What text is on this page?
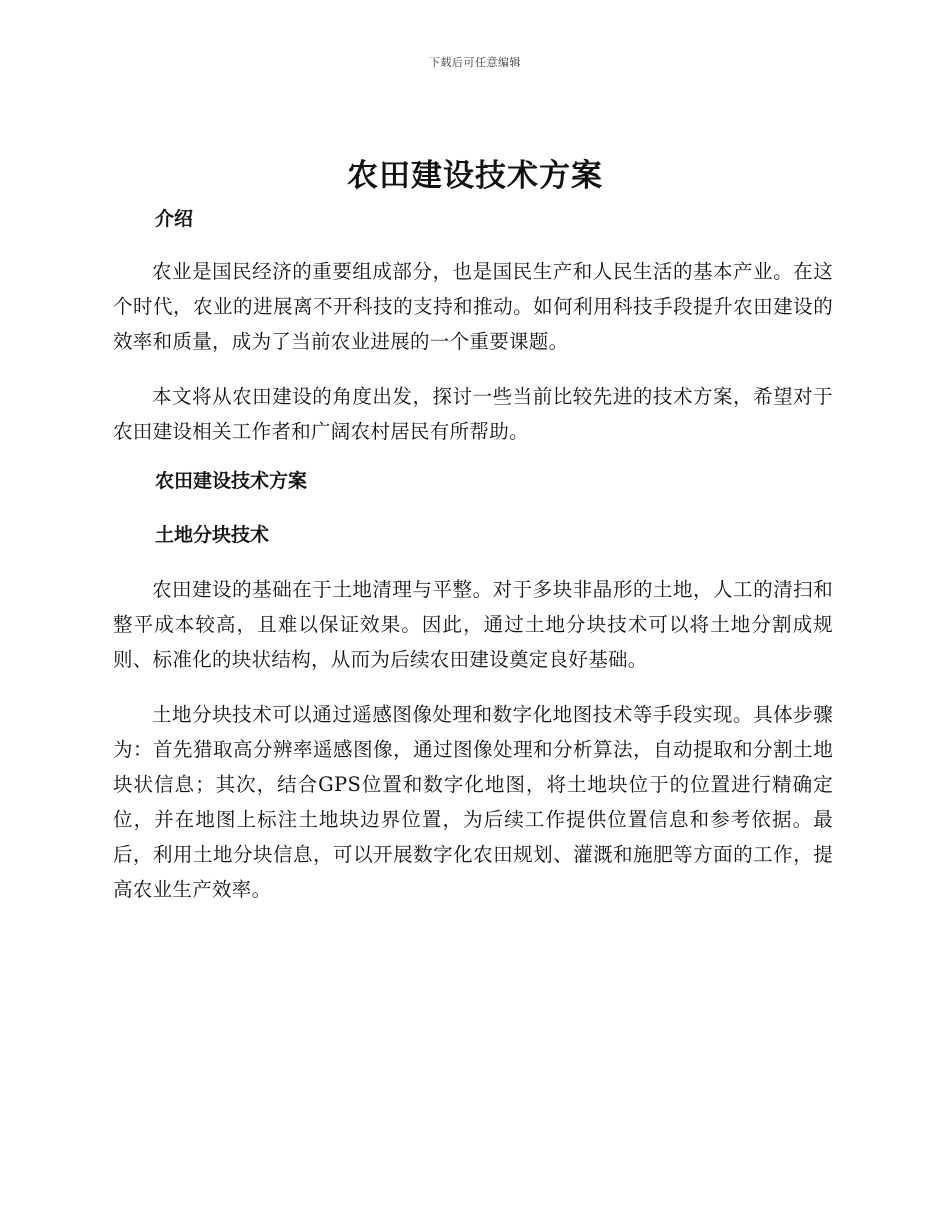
下载后可任意编辑
农田建设技术方案
介绍

农业是国民经济的重要组成部分，也是国民生产和人民生活的基本产业。在这个时代，农业的进展离不开科技的支持和推动。如何利用科技手段提升农田建设的效率和质量，成为了当前农业进展的一个重要课题。

本文将从农田建设的角度出发，探讨一些当前比较先进的技术方案，希望对于农田建设相关工作者和广阔农村居民有所帮助。

农田建设技术方案
土地分块技术

农田建设的基础在于土地清理与平整。对于多块非晶形的土地，人工的清扫和整平成本较高，且难以保证效果。因此，通过土地分块技术可以将土地分割成规则、标准化的块状结构，从而为后续农田建设奠定良好基础。

土地分块技术可以通过遥感图像处理和数字化地图技术等手段实现。具体步骤为：首先猎取高分辨率遥感图像，通过图像处理和分析算法，自动提取和分割土地块状信息；其次，结合GPS位置和数字化地图，将土地块位于的位置进行精确定位，并在地图上标注土地块边界位置，为后续工作提供位置信息和参考依据。最后，利用土地分块信息，可以开展数字化农田规划、灌溉和施肥等方面的工作，提高农业生产效率。
